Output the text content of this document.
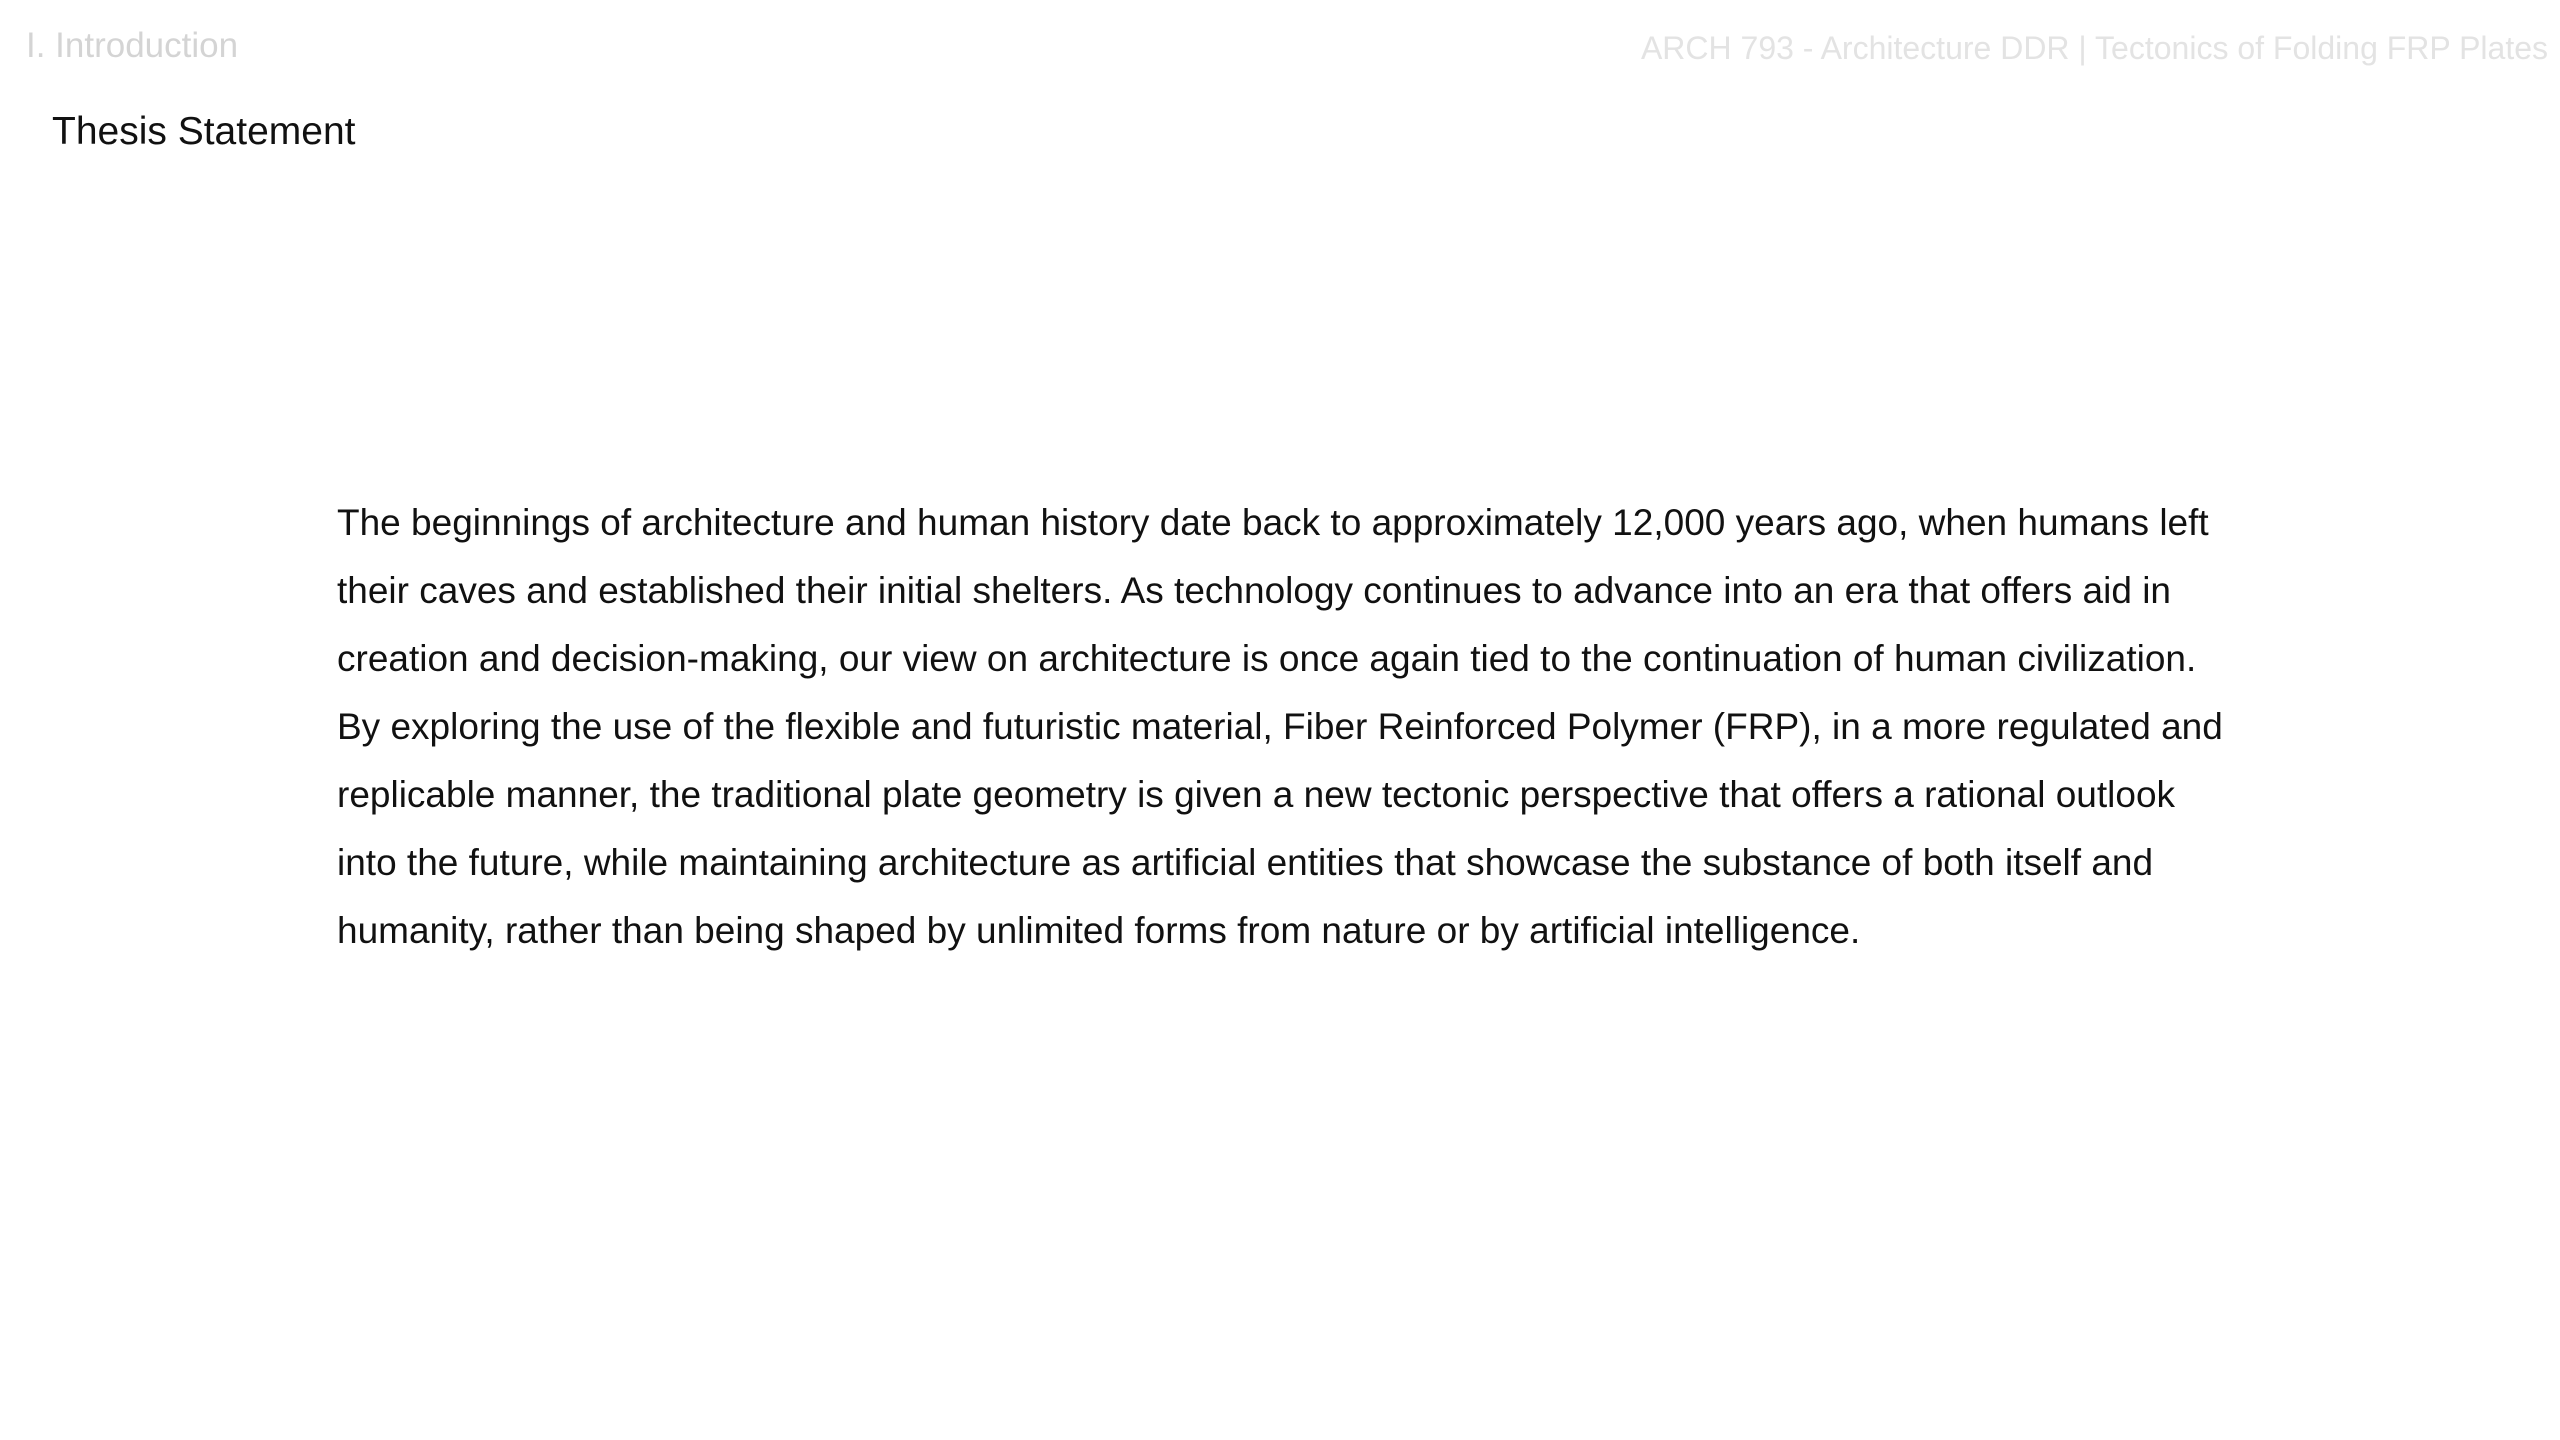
I. Introduction	ARCH 793 - Architecture DDR | Tectonics of Folding FRP Plates
Thesis Statement
The beginnings of architecture and human history date back to approximately 12,000 years ago, when humans left
their caves and established their initial shelters. As technology continues to advance into an era that offers aid in
creation and decision-making, our view on architecture is once again tied to the continuation of human civilization.
By exploring the use of the flexible and futuristic material, Fiber Reinforced Polymer (FRP), in a more regulated and
replicable manner, the traditional plate geometry is given a new tectonic perspective that offers a rational outlook
into the future, while maintaining architecture as artificial entities that showcase the substance of both itself and
humanity, rather than being shaped by unlimited forms from nature or by artificial intelligence.
